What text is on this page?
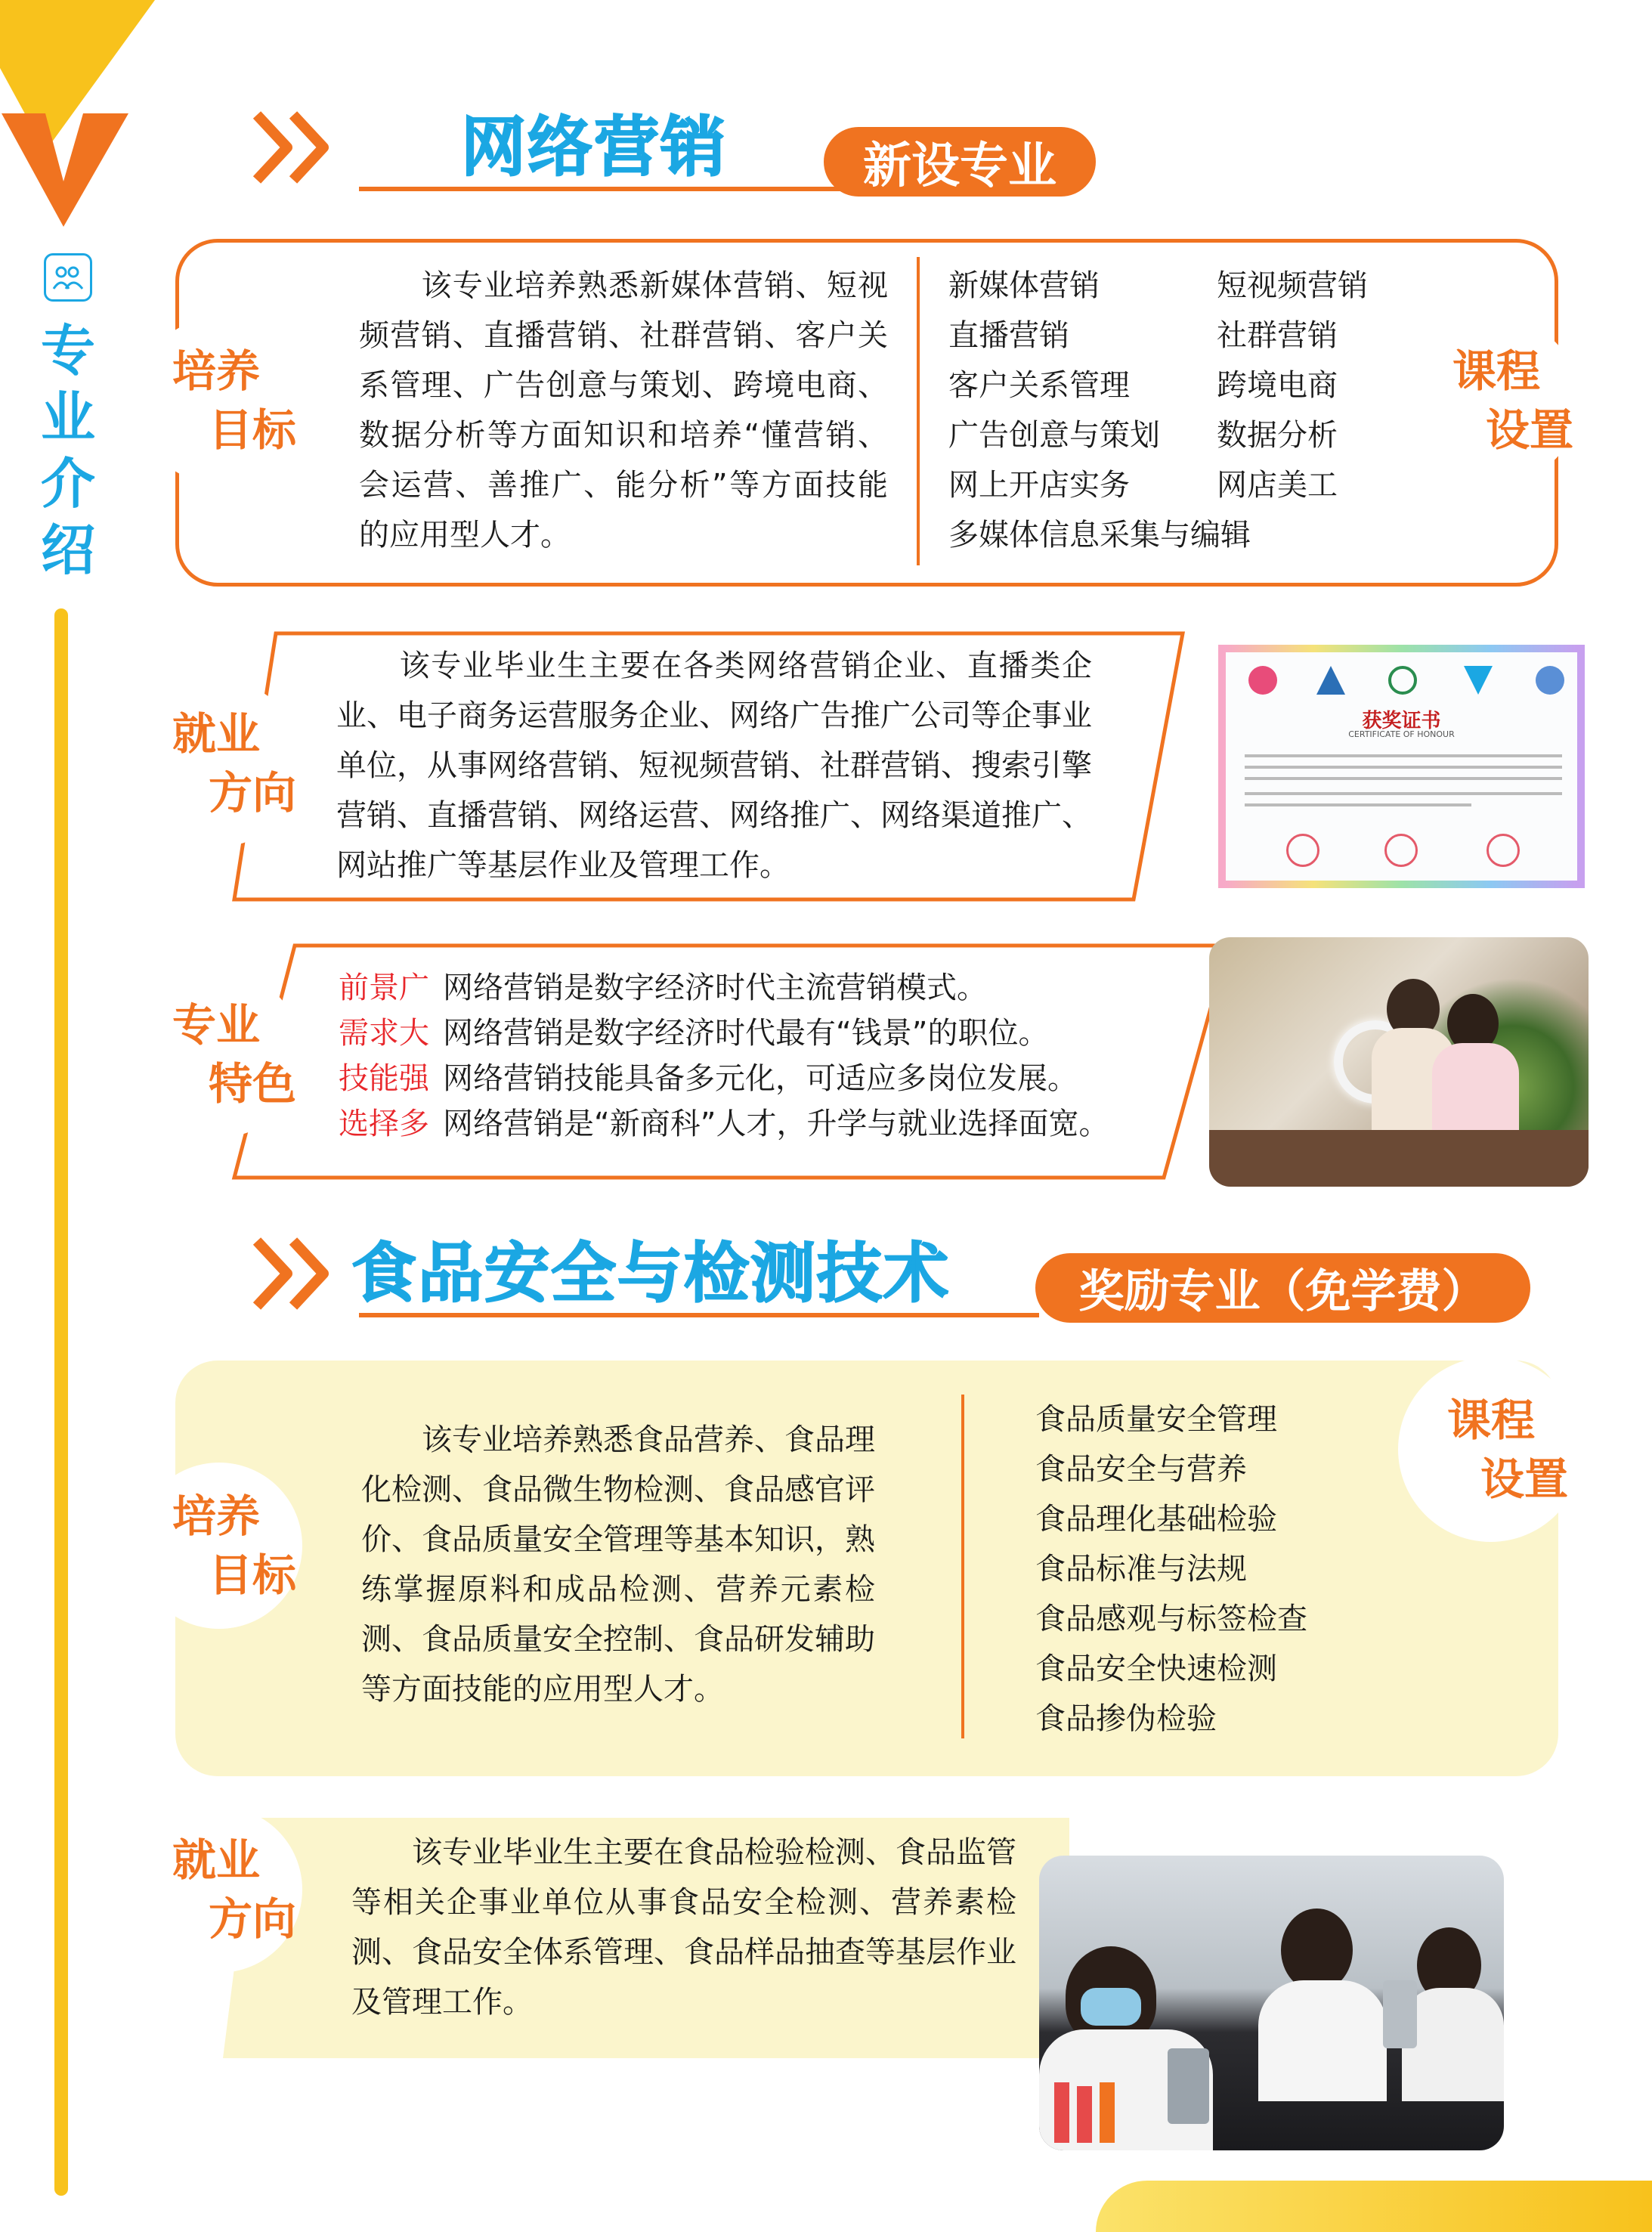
专
业
介
绍
网络营销	新设专业
培养
目标
　　该专业培养熟悉新媒体营销、短视频营销、直播营销、社群营销、客户关系管理、广告创意与策划、跨境电商、数据分析等方面知识和培养“懂营销、会运营、善推广、能分析”等方面技能的应用型人才。
新媒体营销
直播营销
客户关系管理
广告创意与策划
网上开店实务
短视频营销
社群营销
跨境电商
数据分析
网店美工
多媒体信息采集与编辑
课程
设置
就业
方向
　　该专业毕业生主要在各类网络营销企业、直播类企业、电子商务运营服务企业、网络广告推广公司等企事业单位，从事网络营销、短视频营销、社群营销、搜索引擎营销、直播营销、网络运营、网络推广、网络渠道推广、网站推广等基层作业及管理工作。
获奖证书
CERTIFICATE OF HONOUR
专业
特色
前景广 网络营销是数字经济时代主流营销模式。
需求大 网络营销是数字经济时代最有“钱景”的职位。
技能强 网络营销技能具备多元化，可适应多岗位发展。
选择多 网络营销是“新商科”人才，升学与就业选择面宽。
食品安全与检测技术	奖励专业（免学费）
培养
目标
　　该专业培养熟悉食品营养、食品理化检测、食品微生物检测、食品感官评价、食品质量安全管理等基本知识，熟练掌握原料和成品检测、营养元素检测、食品质量安全控制、食品研发辅助等方面技能的应用型人才。
食品质量安全管理
食品安全与营养
食品理化基础检验
食品标准与法规
食品感观与标签检查
食品安全快速检测
食品掺伪检验
课程
设置
就业
方向
　　该专业毕业生主要在食品检验检测、食品监管等相关企事业单位从事食品安全检测、营养素检测、食品安全体系管理、食品样品抽查等基层作业及管理工作。
